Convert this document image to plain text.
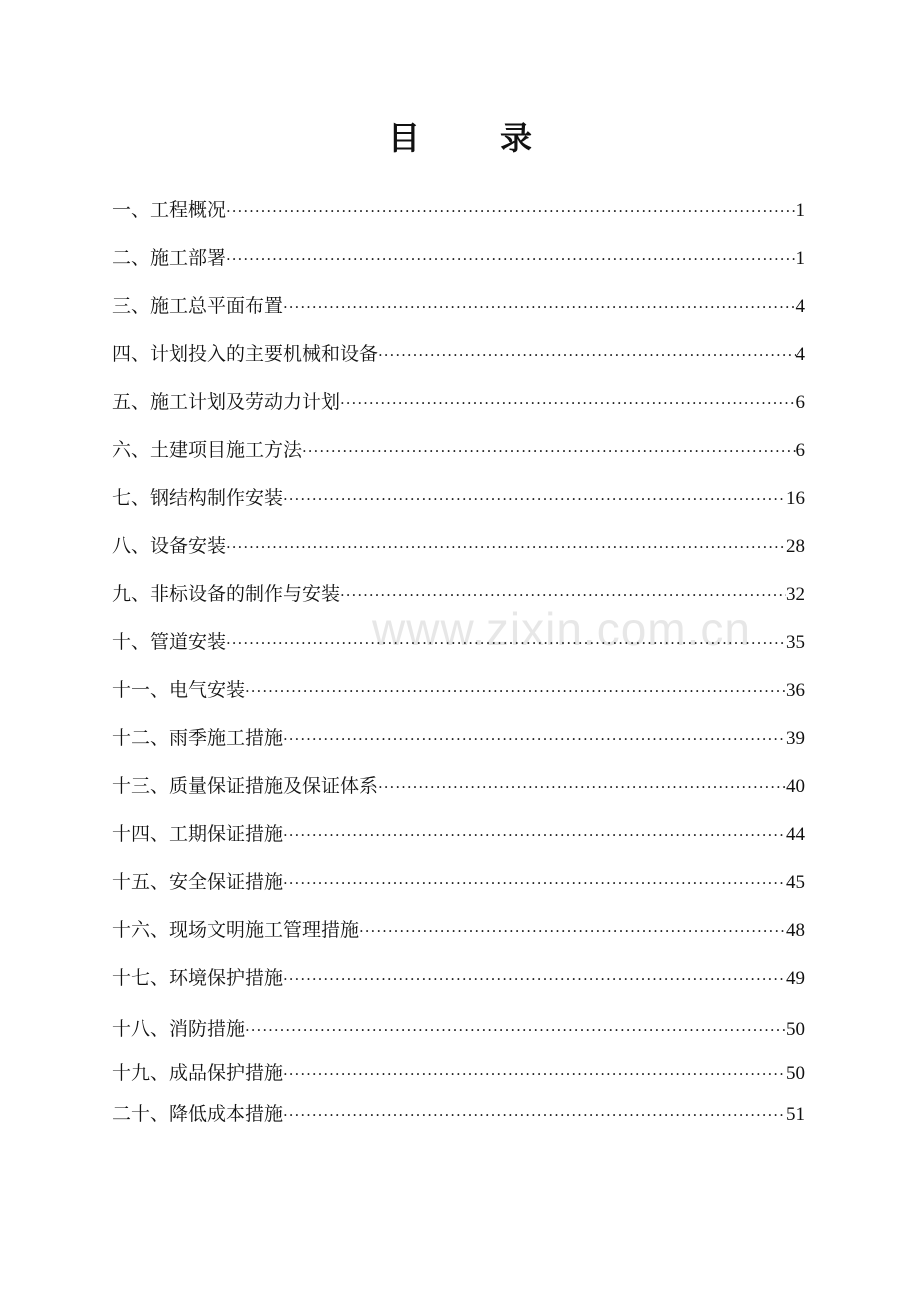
目	录
www.zixin.com.cn
一、工程概况 ·····	1
二、施工部署 ·····	1
三、施工总平面布置 ·····	4
四、计划投入的主要机械和设备 ·····	4
五、施工计划及劳动力计划 ·····	6
六、土建项目施工方法 ·····	6
七、钢结构制作安装 ·····	16
八、设备安装 ·····	28
九、非标设备的制作与安装 ·····	32
十、管道安装 ·····	35
十一、电气安装 ·····	36
十二、雨季施工措施 ·····	39
十三、质量保证措施及保证体系 ·····	40
十四、工期保证措施 ·····	44
十五、安全保证措施 ·····	45
十六、现场文明施工管理措施 ·····	48
十七、环境保护措施 ·····	49
十八、消防措施 ·····	50
十九、成品保护措施 ·····	50
二十、降低成本措施 ·····	51
